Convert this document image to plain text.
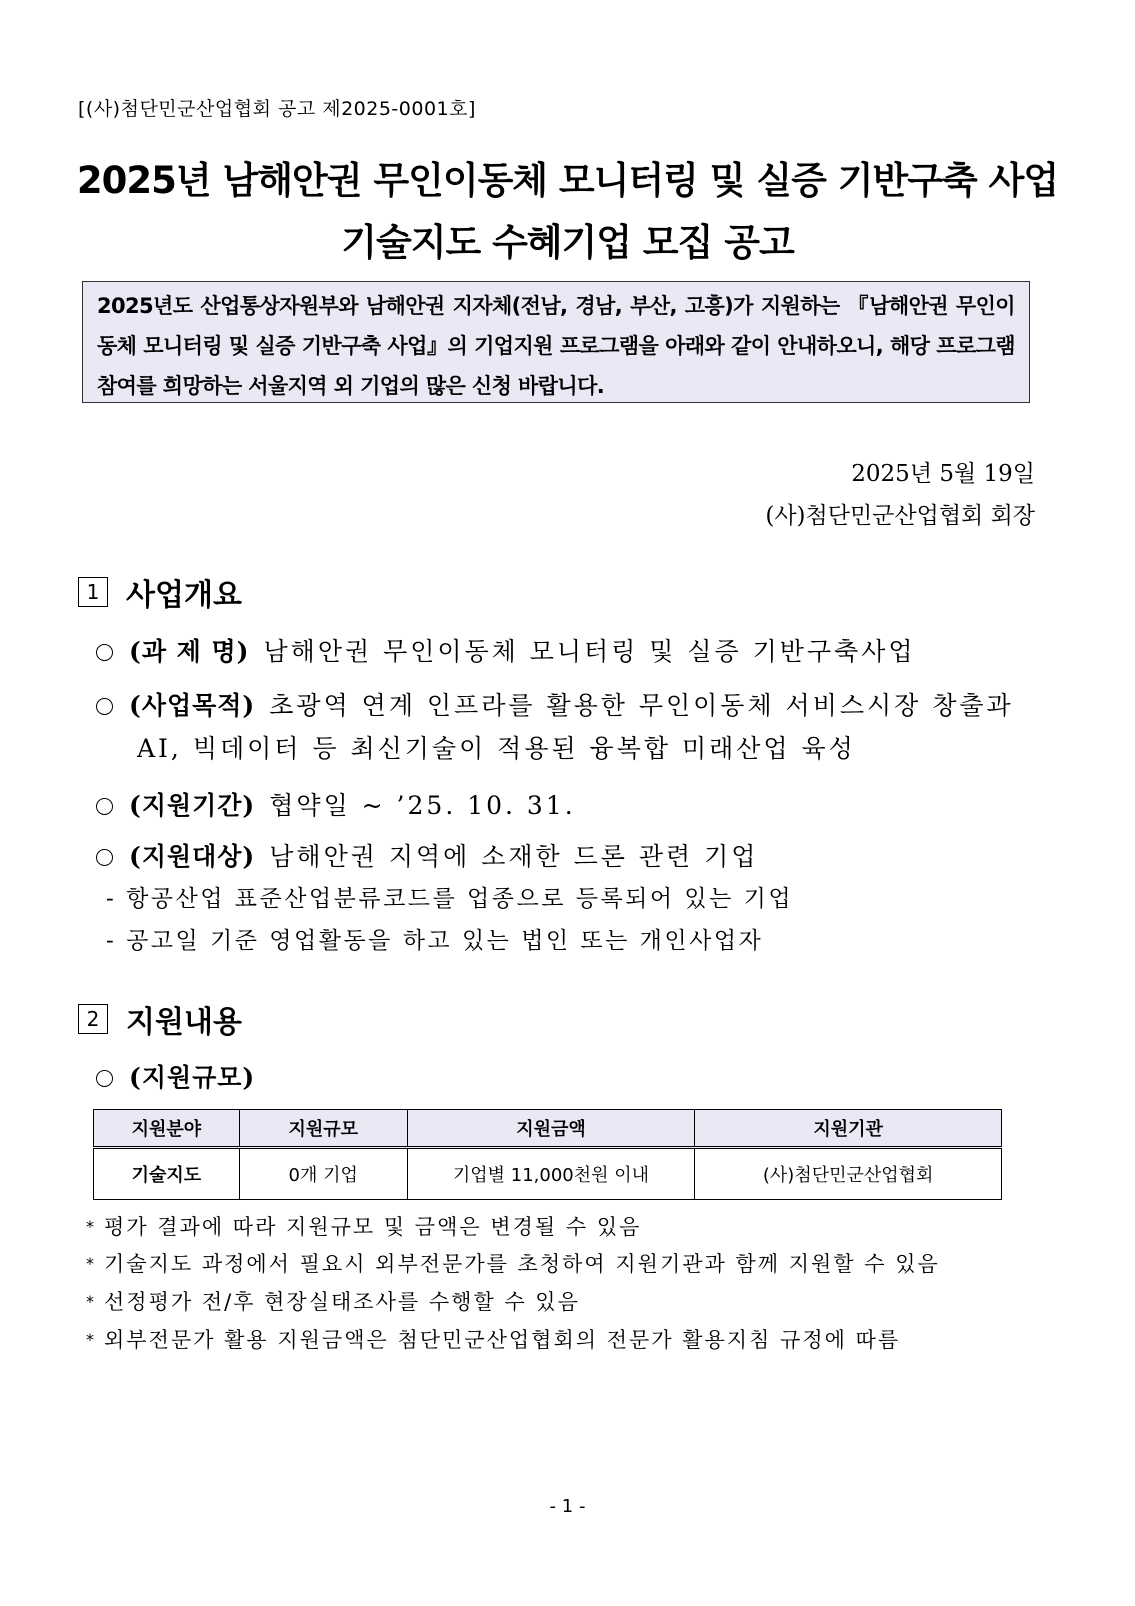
[(사)첨단민군산업협회 공고 제2025-0001호]
2025년 남해안권 무인이동체 모니터링 및 실증 기반구축 사업
기술지도 수혜기업 모집 공고
2025년도 산업통상자원부와 남해안권 지자체(전남, 경남, 부산, 고흥)가 지원하는 『남해안권 무인이동체 모니터링 및 실증 기반구축 사업』의 기업지원 프로그램을 아래와 같이 안내하오니, 해당 프로그램 참여를 희망하는 서울지역 외 기업의 많은 신청 바랍니다.
2025년 5월 19일
(사)첨단민군산업협회 회장
1 사업개요
(과 제 명) 남해안권 무인이동체 모니터링 및 실증 기반구축사업
(사업목적) 초광역 연계 인프라를 활용한 무인이동체 서비스시장 창출과
AI, 빅데이터 등 최신기술이 적용된 융복합 미래산업 육성
(지원기간) 협약일 ~ ’25. 10. 31.
(지원대상) 남해안권 지역에 소재한 드론 관련 기업
- 항공산업 표준산업분류코드를 업종으로 등록되어 있는 기업
- 공고일 기준 영업활동을 하고 있는 법인 또는 개인사업자
2 지원내용
(지원규모)
지원분야	지원규모	지원금액	지원기관
기술지도	0개 기업	기업별 11,000천원 이내	(사)첨단민군산업협회
* 평가 결과에 따라 지원규모 및 금액은 변경될 수 있음
* 기술지도 과정에서 필요시 외부전문가를 초청하여 지원기관과 함께 지원할 수 있음
* 선정평가 전/후 현장실태조사를 수행할 수 있음
* 외부전문가 활용 지원금액은 첨단민군산업협회의 전문가 활용지침 규정에 따름
- 1 -
